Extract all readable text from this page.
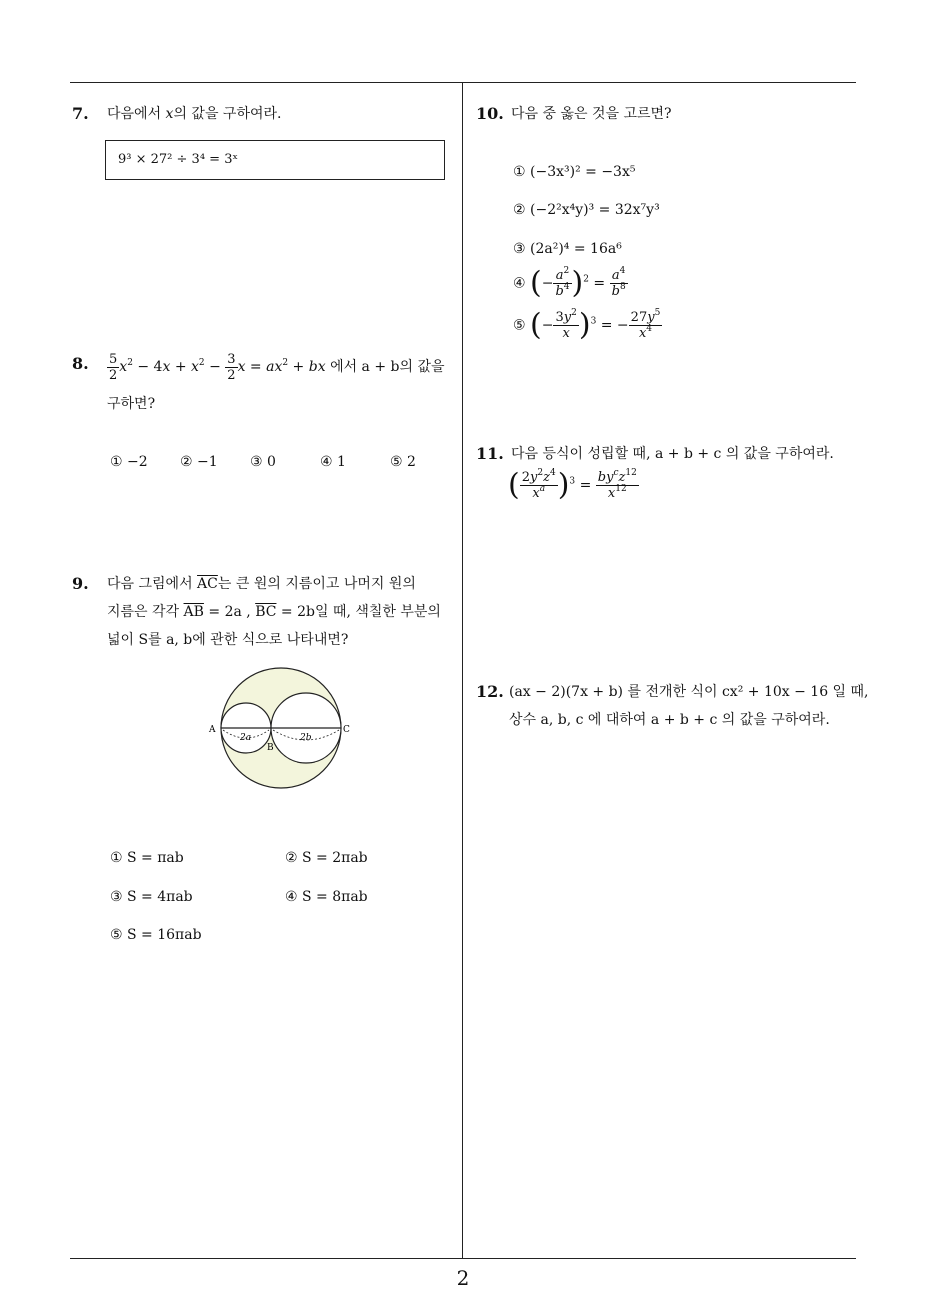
7. 다음에서 x의 값을 구하여라.
9³ × 27² ÷ 3⁴ = 3ˣ
8. $\frac{5}{2} x^2 - 4x + x^2 - \frac{3}{2}$ $x = ax^2$ + bx 에서 a + b의 값을
구하면?
① −2 ② −1 ③ 0	④ 1	⑤ 2
9. 다음 그림에서 $\overline{AC}$는 큰 원의 지름이고 나머지 원의
지름은 각각 $\overline{AB} = 2a$ , $\overline{BC} = 2b$일 때, 색칠한 부분의
넓이 S를 a, b에 관한 식으로 나타내면?
A	C
B
2a	2b
① S = πab	② S = 2πab
③ S = 4πab	④ S = 8πab
⑤ S = 16πab
10. 다음 중 옳은 것을 고르면?
① (−3x³)² = −3x⁵
② (−2²x⁴y)³ = 32x⁷y³
③ (2a²)⁴ = 16a⁶
④ (− $\frac{a^2}{b^4} )^2 = \frac{a^4}{b^8}$
⑤ (− $\frac{3y^2}{x} )^3$ = − $\frac{27y^5}{x^4}$
11. 다음 등식이 성립할 때, a + b + c 의 값을 구하여라.
( $\frac{2y^2z^4}{x^a} )^3 = \frac{by^cz^{12}}{x^{12}}$
12. (ax − 2)(7x + b) 를 전개한 식이 cx² + 10x − 16 일 때,
상수 a, b, c 에 대하여 a + b + c 의 값을 구하여라.
2
